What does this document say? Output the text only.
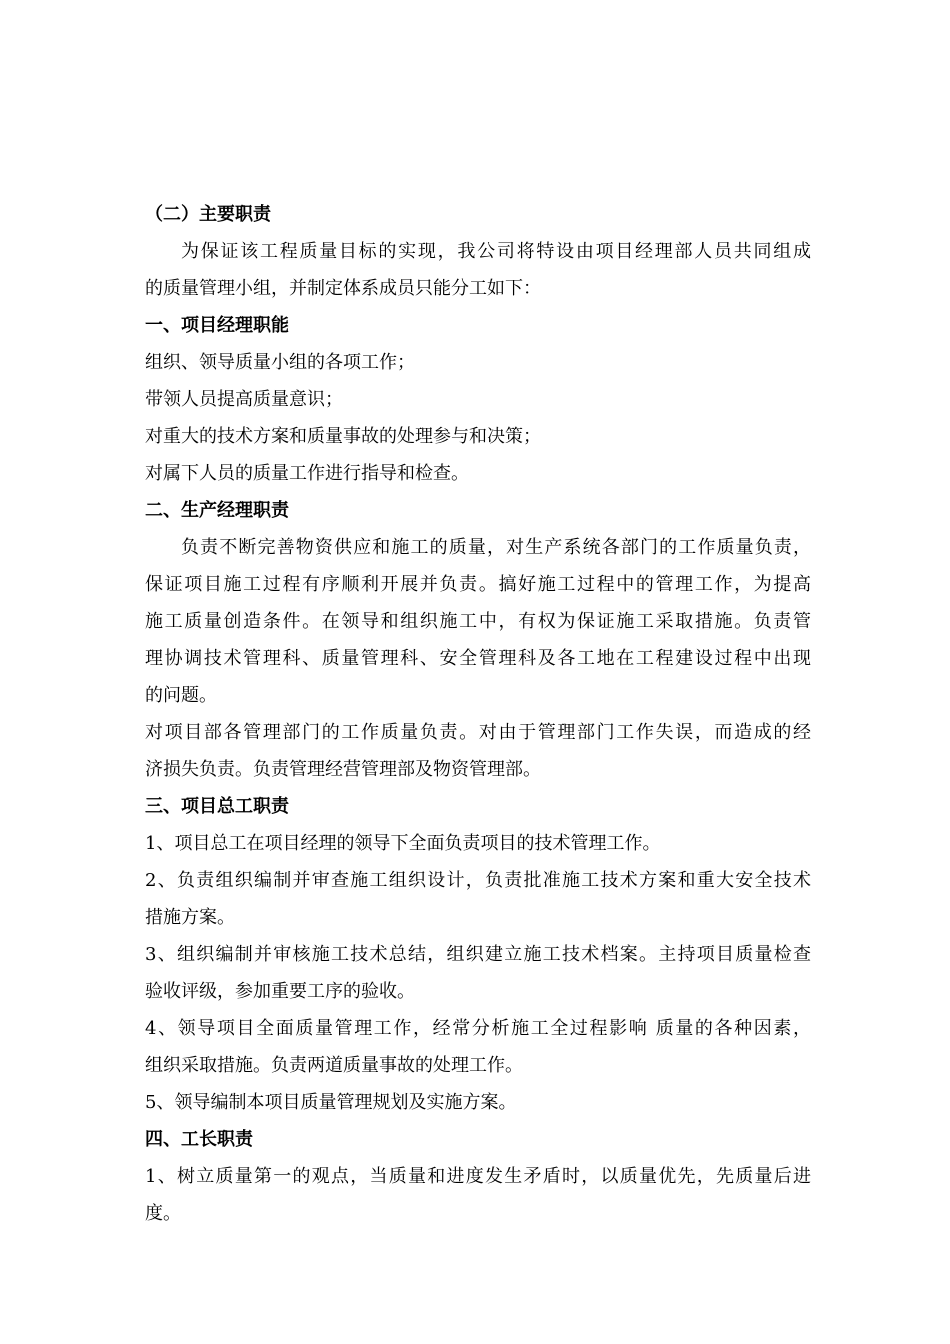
（二）主要职责
为保证该工程质量目标的实现，我公司将特设由项目经理部人员共同组成
的质量管理小组，并制定体系成员只能分工如下：
一、项目经理职能
组织、领导质量小组的各项工作；
带领人员提高质量意识；
对重大的技术方案和质量事故的处理参与和决策；
对属下人员的质量工作进行指导和检查。
二、生产经理职责
负责不断完善物资供应和施工的质量，对生产系统各部门的工作质量负责，
保证项目施工过程有序顺利开展并负责。搞好施工过程中的管理工作，为提高
施工质量创造条件。在领导和组织施工中，有权为保证施工采取措施。负责管
理协调技术管理科、质量管理科、安全管理科及各工地在工程建设过程中出现
的问题。
对项目部各管理部门的工作质量负责。对由于管理部门工作失误，而造成的经
济损失负责。负责管理经营管理部及物资管理部。
三、项目总工职责
1、项目总工在项目经理的领导下全面负责项目的技术管理工作。
2、负责组织编制并审查施工组织设计，负责批准施工技术方案和重大安全技术
措施方案。
3、组织编制并审核施工技术总结，组织建立施工技术档案。主持项目质量检查
验收评级，参加重要工序的验收。
4、领导项目全面质量管理工作，经常分析施工全过程影响 质量的各种因素，
组织采取措施。负责两道质量事故的处理工作。
5、领导编制本项目质量管理规划及实施方案。
四、工长职责
1、树立质量第一的观点，当质量和进度发生矛盾时，以质量优先，先质量后进
度。
